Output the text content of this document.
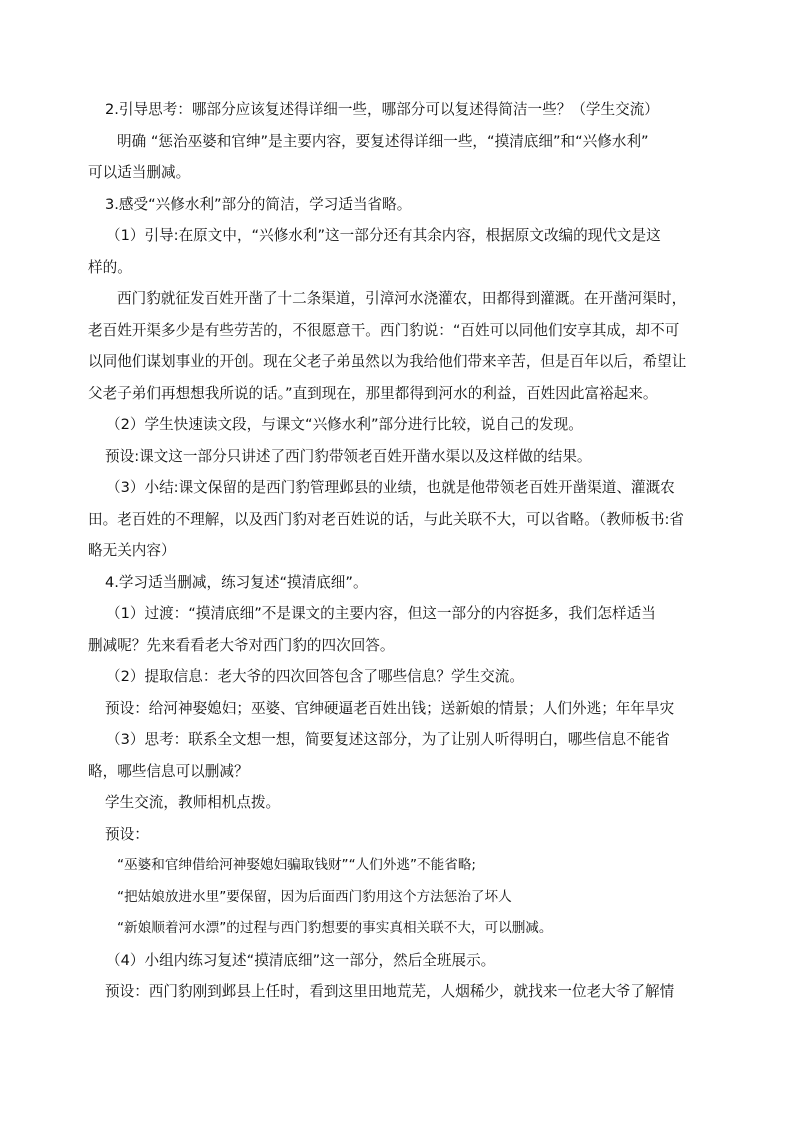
2.引导思考：哪部分应该复述得详细一些，哪部分可以复述得简洁一些？（学生交流）
明确 “惩治巫婆和官绅”是主要内容，要复述得详细一些，“摸清底细”和“兴修水利”
可以适当删减。
3.感受“兴修水利”部分的简洁，学习适当省略。
（1）引导:在原文中，“兴修水利”这一部分还有其余内容，根据原文改编的现代文是这
样的。
西门豹就征发百姓开凿了十二条渠道，引漳河水浇灌农，田都得到灌溉。在开凿河渠时，
老百姓开渠多少是有些劳苦的，不很愿意干。西门豹说：“百姓可以同他们安享其成，却不可
以同他们谋划事业的开创。现在父老子弟虽然以为我给他们带来辛苦，但是百年以后，希望让
父老子弟们再想想我所说的话。”直到现在，那里都得到河水的利益，百姓因此富裕起来。
（2）学生快速读文段，与课文“兴修水利”部分进行比较，说自己的发现。
预设:课文这一部分只讲述了西门豹带领老百姓开凿水渠以及这样做的结果。
（3）小结:课文保留的是西门豹管理邺县的业绩，也就是他带领老百姓开凿渠道、灌溉农
田。老百姓的不理解，以及西门豹对老百姓说的话，与此关联不大，可以省略。（教师板书:省
略无关内容）
4.学习适当删减，练习复述“摸清底细”。
（1）过渡：“摸清底细”不是课文的主要内容，但这一部分的内容挺多，我们怎样适当
删减呢？先来看看老大爷对西门豹的四次回答。
（2）提取信息：老大爷的四次回答包含了哪些信息？学生交流。
预设：给河神娶媳妇；巫婆、官绅硬逼老百姓出钱；送新娘的情景；人们外逃；年年旱灾
（3）思考：联系全文想一想，简要复述这部分，为了让别人听得明白，哪些信息不能省
略，哪些信息可以删减？
学生交流，教师相机点拨。
预设：
“巫婆和官绅借给河神娶媳妇骗取钱财”“人们外逃”不能省略;
“把姑娘放进水里”要保留，因为后面西门豹用这个方法惩治了坏人
“新娘顺着河水漂”的过程与西门豹想要的事实真相关联不大，可以删减。
（4）小组内练习复述“摸清底细”这一部分，然后全班展示。
预设：西门豹刚到邺县上任时，看到这里田地荒芜，人烟稀少，就找来一位老大爷了解情
